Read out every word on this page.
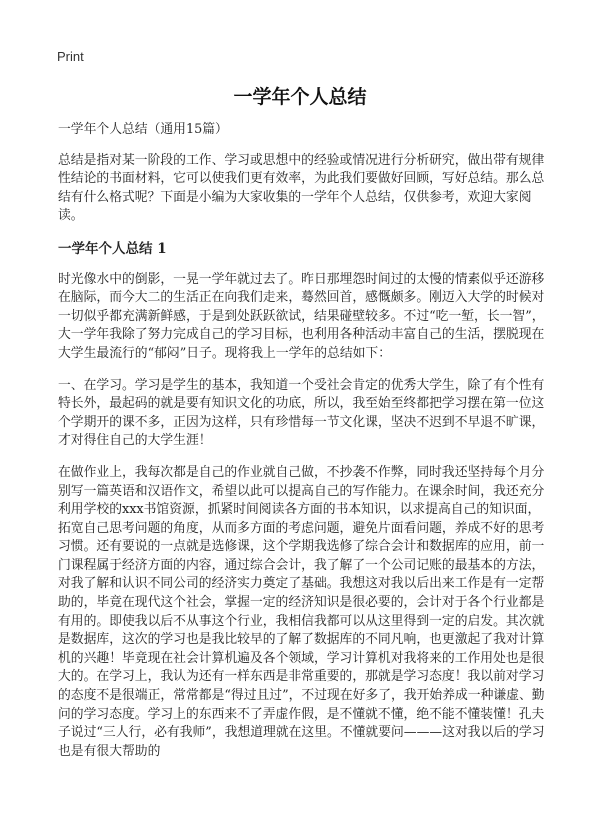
Print
一学年个人总结

一学年个人总结（通用15篇）

总结是指对某一阶段的工作、学习或思想中的经验或情况进行分析研究，做出带有规律性结论的书面材料，它可以使我们更有效率，为此我们要做好回顾，写好总结。那么总结有什么格式呢？下面是小编为大家收集的一学年个人总结，仅供参考，欢迎大家阅读。

一学年个人总结 1

时光像水中的倒影，一晃一学年就过去了。昨日那埋怨时间过的太慢的情素似乎还游移在脑际，而今大二的生活正在向我们走来，蓦然回首，感慨颇多。刚迈入大学的时候对一切似乎都充满新鲜感，于是到处跃跃欲试，结果碰壁较多。不过“吃一堑，长一智”，大一学年我除了努力完成自己的学习目标，也利用各种活动丰富自己的生活，摆脱现在大学生最流行的“郁闷”日子。现将我上一学年的总结如下：

一、在学习。学习是学生的基本，我知道一个受社会肯定的优秀大学生，除了有个性有特长外，最起码的就是要有知识文化的功底，所以，我至始至终都把学习摆在第一位这个学期开的课不多，正因为这样，只有珍惜每一节文化课，坚决不迟到不早退不旷课，才对得住自己的大学生涯！

在做作业上，我每次都是自己的作业就自己做，不抄袭不作弊，同时我还坚持每个月分别写一篇英语和汉语作文，希望以此可以提高自己的写作能力。在课余时间，我还充分利用学校的xxx书馆资源，抓紧时间阅读各方面的书本知识，以求提高自己的知识面，拓宽自己思考问题的角度，从而多方面的考虑问题，避免片面看问题，养成不好的思考习惯。还有要说的一点就是选修课，这个学期我选修了综合会计和数据库的应用，前一门课程属于经济方面的内容，通过综合会计，我了解了一个公司记账的最基本的方法，对我了解和认识不同公司的经济实力奠定了基础。我想这对我以后出来工作是有一定帮助的，毕竟在现代这个社会，掌握一定的经济知识是很必要的，会计对于各个行业都是有用的。即使我以后不从事这个行业，我相信我都可以从这里得到一定的启发。其次就是数据库，这次的学习也是我比较早的了解了数据库的不同凡响，也更激起了我对计算机的兴趣！毕竟现在社会计算机遍及各个领域，学习计算机对我将来的工作用处也是很大的。在学习上，我认为还有一样东西是非常重要的，那就是学习态度！我以前对学习的态度不是很端正，常常都是“得过且过”，不过现在好多了，我开始养成一种谦虚、勤问的学习态度。学习上的东西来不了弄虚作假，是不懂就不懂，绝不能不懂装懂！孔夫子说过“三人行，必有我师”，我想道理就在这里。不懂就要问———这对我以后的学习也是有很大帮助的
